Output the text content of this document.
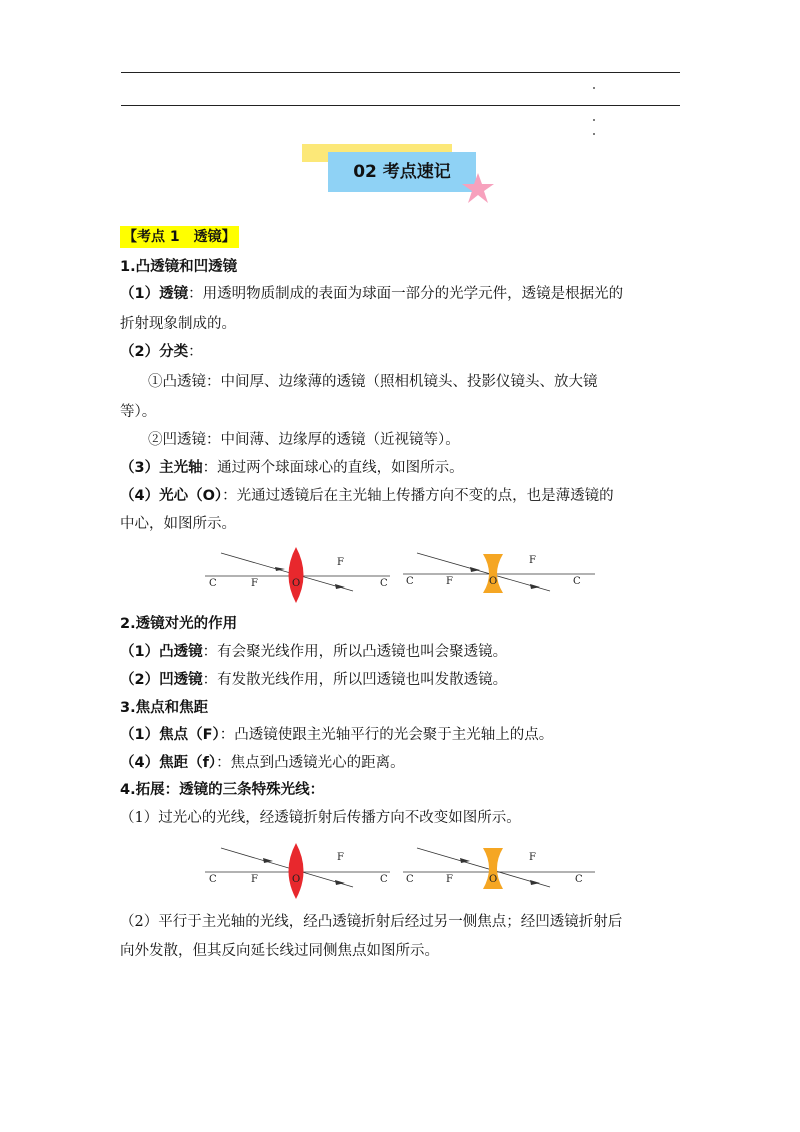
02 考点速记
【考点 1　透镜】
1.凸透镜和凹透镜
（1）透镜：用透明物质制成的表面为球面一部分的光学元件，透镜是根据光的
折射现象制成的。
（2）分类：
①凸透镜：中间厚、边缘薄的透镜（照相机镜头、投影仪镜头、放大镜
等）。
②凹透镜：中间薄、边缘厚的透镜（近视镜等）。
（3）主光轴：通过两个球面球心的直线，如图所示。
（4）光心（O）：光通过透镜后在主光轴上传播方向不变的点，也是薄透镜的
中心，如图所示。
C	F	O
F
C C	F	O
F
C
2.透镜对光的作用
（1）凸透镜：有会聚光线作用，所以凸透镜也叫会聚透镜。
（2）凹透镜：有发散光线作用，所以凹透镜也叫发散透镜。
3.焦点和焦距
（1）焦点（F）：凸透镜使跟主光轴平行的光会聚于主光轴上的点。
（4）焦距（f）：焦点到凸透镜光心的距离。
4.拓展：透镜的三条特殊光线：
（1）过光心的光线，经透镜折射后传播方向不改变如图所示。
C	F	O
F
C C	F	O
F
C
（2）平行于主光轴的光线，经凸透镜折射后经过另一侧焦点；经凹透镜折射后
向外发散，但其反向延长线过同侧焦点如图所示。
